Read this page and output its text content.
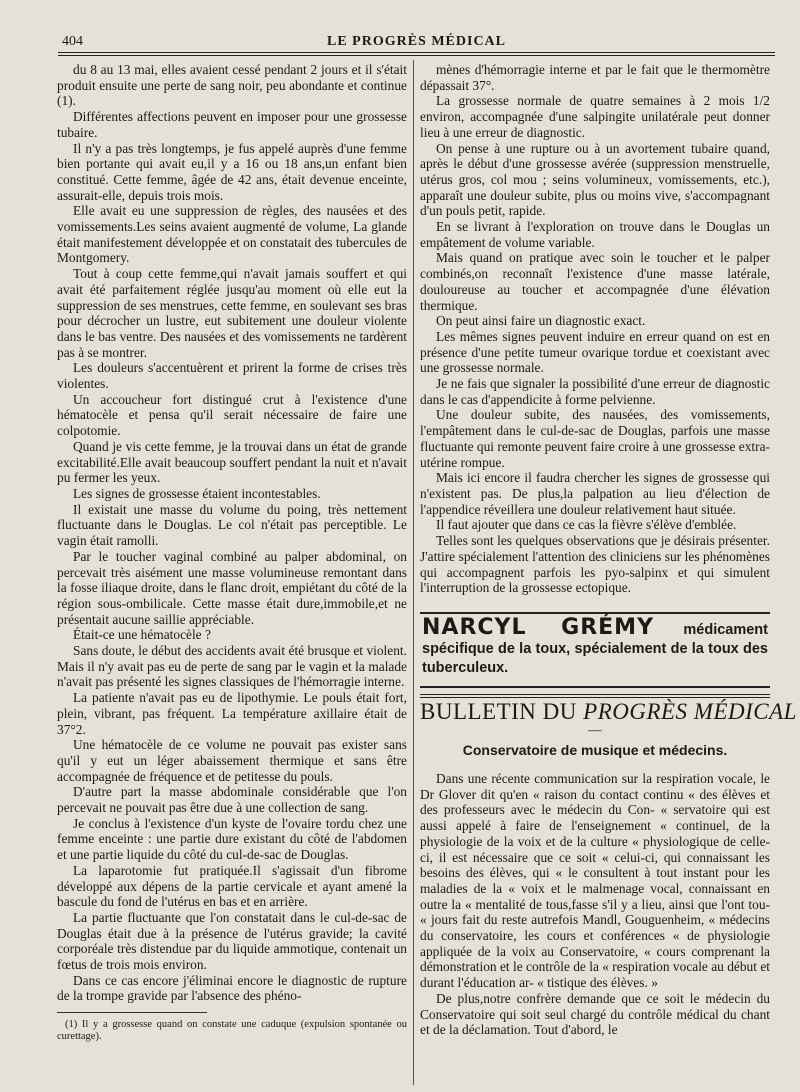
404	LE PROGRÈS MÉDICAL

du 8 au 13 mai, elles avaient cessé pendant 2 jours et il s'était produit ensuite une perte de sang noir, peu abondante et continue (1).

Différentes affections peuvent en imposer pour une grossesse tubaire.

Il n'y a pas très longtemps, je fus appelé auprès d'une femme bien portante qui avait eu,il y a 16 ou 18 ans,un enfant bien constitué. Cette femme, âgée de 42 ans, était devenue enceinte, assurait-elle, depuis trois mois.

Elle avait eu une suppression de règles, des nausées et des vomissements.Les seins avaient augmenté de volume, La glande était manifestement développée et on constatait des tubercules de Montgomery.

Tout à coup cette femme,qui n'avait jamais souffert et qui avait été parfaitement réglée jusqu'au moment où elle eut la suppression de ses menstrues, cette femme, en soulevant ses bras pour décrocher un lustre, eut subitement une douleur violente dans le bas ventre. Des nausées et des vomissements ne tardèrent pas à se montrer.

Les douleurs s'accentuèrent et prirent la forme de crises très violentes.

Un accoucheur fort distingué crut à l'existence d'une hématocèle et pensa qu'il serait nécessaire de faire une colpotomie.

Quand je vis cette femme, je la trouvai dans un état de grande excitabilité.Elle avait beaucoup souffert pendant la nuit et n'avait pu fermer les yeux.

Les signes de grossesse étaient incontestables.

Il existait une masse du volume du poing, très nettement fluctuante dans le Douglas. Le col n'était pas perceptible. Le vagin était ramolli.

Par le toucher vaginal combiné au palper abdominal, on percevait très aisément une masse volumineuse remontant dans la fosse iliaque droite, dans le flanc droit, empiétant du côté de la région sous-ombilicale. Cette masse était dure,immobile,et ne présentait aucune saillie appréciable.

Était-ce une hématocèle ?

Sans doute, le début des accidents avait été brusque et violent. Mais il n'y avait pas eu de perte de sang par le vagin et la malade n'avait pas présenté les signes classiques de l'hémorragie interne.

La patiente n'avait pas eu de lipothymie. Le pouls était fort, plein, vibrant, pas fréquent. La température axillaire était de 37°2.

Une hématocèle de ce volume ne pouvait pas exister sans qu'il y eut un léger abaissement thermique et sans être accompagnée de fréquence et de petitesse du pouls.

D'autre part la masse abdominale considérable que l'on percevait ne pouvait pas être due à une collection de sang.

Je conclus à l'existence d'un kyste de l'ovaire tordu chez une femme enceinte : une partie dure existant du côté de l'abdomen et une partie liquide du côté du cul-de-sac de Douglas.

La laparotomie fut pratiquée.Il s'agissait d'un fibrome développé aux dépens de la partie cervicale et ayant amené la bascule du fond de l'utérus en bas et en arrière.

La partie fluctuante que l'on constatait dans le cul-de-sac de Douglas était due à la présence de l'utérus gravide; la cavité corporéale très distendue par du liquide ammotique, contenait un fœtus de trois mois environ.

Dans ce cas encore j'éliminai encore le diagnostic de rupture de la trompe gravide par l'absence des phéno-

(1) Il y a grossesse quand on constate une caduque (expulsion spontanée ou curettage).

mènes d'hémorragie interne et par le fait que le thermomètre dépassait 37°.

La grossesse normale de quatre semaines à 2 mois 1/2 environ, accompagnée d'une salpingite unilatérale peut donner lieu à une erreur de diagnostic.

On pense à une rupture ou à un avortement tubaire quand, après le début d'une grossesse avérée (suppression menstruelle, utérus gros, col mou ; seins volumineux, vomissements, etc.), apparaît une douleur subite, plus ou moins vive, s'accompagnant d'un pouls petit, rapide.

En se livrant à l'exploration on trouve dans le Douglas un empâtement de volume variable.

Mais quand on pratique avec soin le toucher et le palper combinés,on reconnaît l'existence d'une masse latérale, douloureuse au toucher et accompagnée d'une élévation thermique.

On peut ainsi faire un diagnostic exact.

Les mêmes signes peuvent induire en erreur quand on est en présence d'une petite tumeur ovarique tordue et coexistant avec une grossesse normale.

Je ne fais que signaler la possibilité d'une erreur de diagnostic dans le cas d'appendicite à forme pelvienne.

Une douleur subite, des nausées, des vomissements, l'empâtement dans le cul-de-sac de Douglas, parfois une masse fluctuante qui remonte peuvent faire croire à une grossesse extra-utérine rompue.

Mais ici encore il faudra chercher les signes de grossesse qui n'existent pas. De plus,la palpation au lieu d'élection de l'appendice réveillera une douleur relativement haut située.

Il faut ajouter que dans ce cas la fièvre s'élève d'emblée.

Telles sont les quelques observations que je désirais présenter. J'attire spécialement l'attention des cliniciens sur les phénomènes qui accompagnent parfois les pyo-salpinx et qui simulent l'interruption de la grossesse ectopique.

NARCYL GRÉMY médicament spécifique de la toux, spécialement de la toux des tuberculeux.
BULLETIN DU PROGRÈS MÉDICAL
—
Conservatoire de musique et médecins.

Dans une récente communication sur la respiration vocale, le Dr Glover dit qu'en « raison du contact continu « des élèves et des professeurs avec le médecin du Con- « servatoire qui est aussi appelé à faire de l'enseignement « continuel, de la physiologie de la voix et de la culture « physiologique de celle-ci, il est nécessaire que ce soit « celui-ci, qui connaissant les besoins des élèves, qui « le consultent à tout instant pour les maladies de la « voix et le malmenage vocal, connaissant en outre la « mentalité de tous,fasse s'il y a lieu, ainsi que l'ont tou- « jours fait du reste autrefois Mandl, Gouguenheim, « médecins du conservatoire, les cours et conférences « de physiologie appliquée de la voix au Conservatoire, « cours comprenant la démonstration et le contrôle de la « respiration vocale au début et durant l'éducation ar- « tistique des élèves. »

De plus,notre confrère demande que ce soit le médecin du Conservatoire qui soit seul chargé du contrôle médical du chant et de la déclamation. Tout d'abord, le
